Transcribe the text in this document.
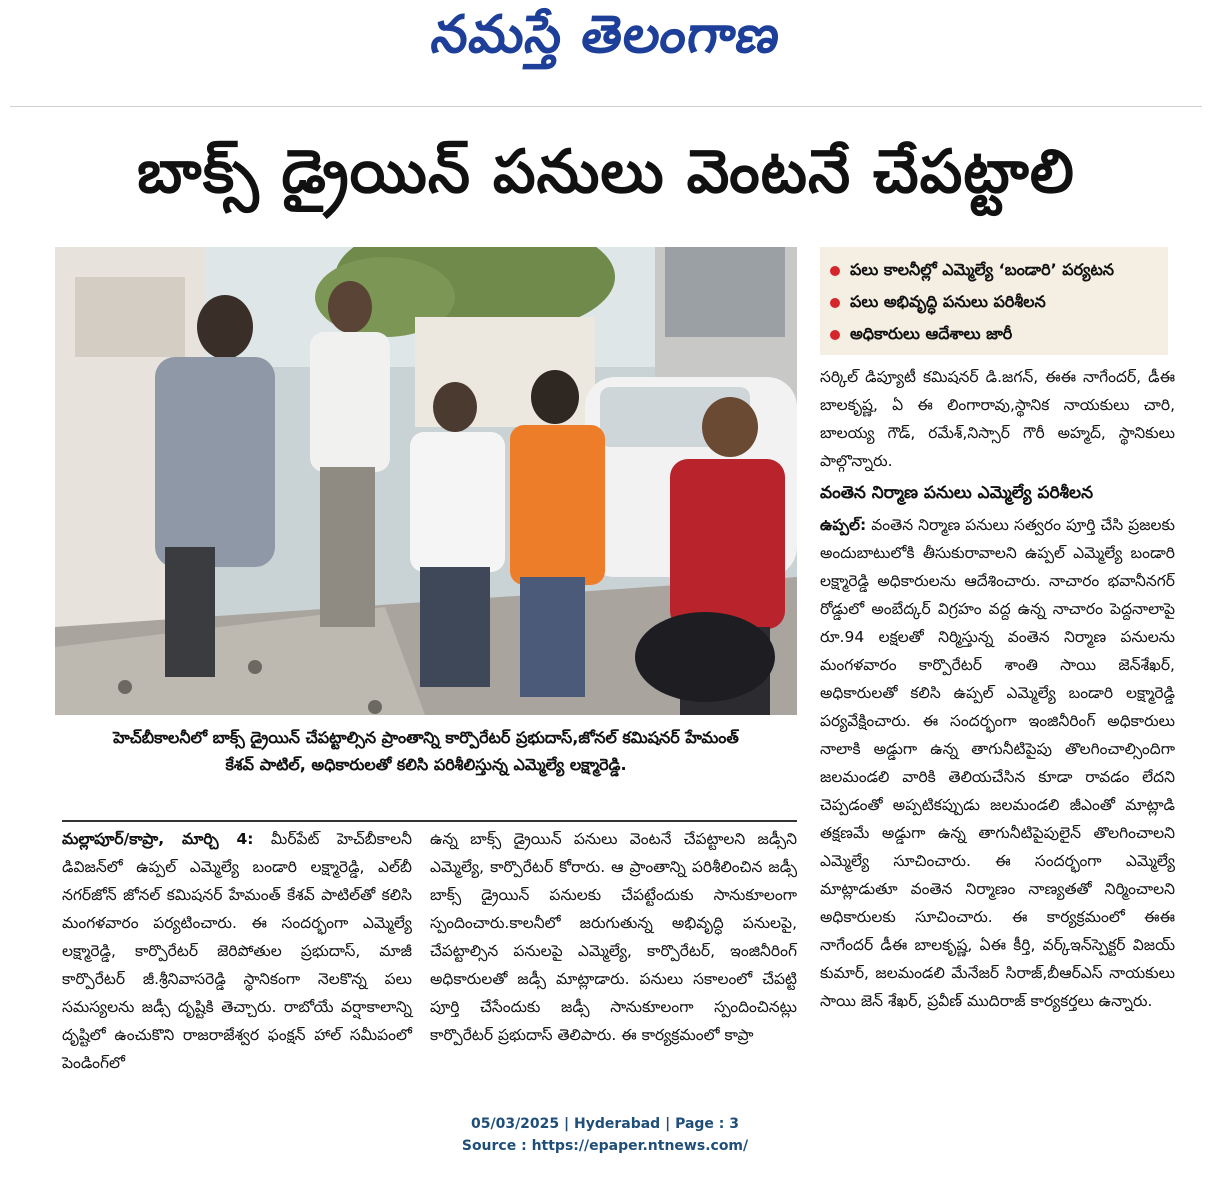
నమస్తే తెలంగాణ
బాక్స్ డ్రైయిన్ పనులు వెంటనే చేపట్టాలి
హెచ్‌బీకాలనీలో బాక్స్ డ్రైయిన్ చేపట్టాల్సిన ప్రాంతాన్ని కార్పొరేటర్ ప్రభుదాస్,జోనల్ కమిషనర్ హేమంత్
కేశవ్ పాటిల్, అధికారులతో కలిసి పరిశీలిస్తున్న ఎమ్మెల్యే లక్ష్మారెడ్డి.

మల్లాపూర్/కాప్రా, మార్చి 4: మీర్‌పేట్ హెచ్‌బీకాలనీ డివిజన్‌లో ఉప్పల్ ఎమ్మెల్యే బండారి లక్ష్మారెడ్డి, ఎల్‌బీ నగర్‌జోన్ జోనల్ కమిషనర్ హేమంత్ కేశవ్ పాటిల్‌తో కలిసి మంగళవారం పర్యటించారు. ఈ సందర్భంగా ఎమ్మెల్యే లక్ష్మారెడ్డి, కార్పొరేటర్ జెరిపోతుల ప్రభుదాస్, మాజీ కార్పొరేటర్ జీ.శ్రీనివాసరెడ్డి స్థానికంగా నెలకొన్న పలు సమస్యలను జడ్సీ దృష్టికి తెచ్చారు. రాబోయే వర్షాకాలాన్ని దృష్టిలో ఉంచుకొని రాజరాజేశ్వర ఫంక్షన్ హాల్ సమీపంలో పెండింగ్‌లో

ఉన్న బాక్స్ డ్రైయిన్ పనులు వెంటనే చేపట్టాలని జడ్సీని ఎమ్మెల్యే, కార్పొరేటర్ కోరారు. ఆ ప్రాంతాన్ని పరిశీలించిన జడ్సీ బాక్స్ డ్రైయిన్ పనులకు చేపట్టేందుకు సానుకూలంగా స్పందించారు.కాలనీలో జరుగుతున్న అభివృద్ధి పనులపై, చేపట్టాల్సిన పనులపై ఎమ్మెల్యే, కార్పొరేటర్, ఇంజినీరింగ్ అధికారులతో జడ్సీ మాట్లాడారు. పనులు సకాలంలో చేపట్టి పూర్తి చేసేందుకు జడ్సీ సానుకూలంగా స్పందించినట్లు కార్పొరేటర్ ప్రభుదాస్ తెలిపారు. ఈ కార్యక్రమంలో కాప్రా

పలు కాలనీల్లో ఎమ్మెల్యే ‘బండారి’ పర్యటన
పలు అభివృద్ధి పనులు పరిశీలన
అధికారులు ఆదేశాలు జారీ

సర్కిల్ డిప్యూటీ కమిషనర్ డి.జగన్, ఈఈ నాగేందర్, డీఈ బాలకృష్ణ, ఏ ఈ లింగారావు,స్థానిక నాయకులు చారి, బాలయ్య గౌడ్, రమేశ్,నిస్సార్ గౌరీ అహ్మద్, స్థానికులు పాల్గొన్నారు.

వంతెన నిర్మాణ పనులు ఎమ్మెల్యే పరిశీలన

ఉప్పల్: వంతెన నిర్మాణ పనులు సత్వరం పూర్తి చేసి ప్రజలకు అందుబాటులోకి తీసుకురావాలని ఉప్పల్ ఎమ్మెల్యే బండారి లక్ష్మారెడ్డి అధికారులను ఆదేశించారు. నాచారం భవానీనగర్ రోడ్డులో అంబేద్కర్ విగ్రహం వద్ద ఉన్న నాచారం పెద్దనాలాపై రూ.94 లక్షలతో నిర్మిస్తున్న వంతెన నిర్మాణ పనులను మంగళవారం కార్పొరేటర్ శాంతి సాయి జెన్‌శేఖర్, అధికారులతో కలిసి ఉప్పల్ ఎమ్మెల్యే బండారి లక్ష్మారెడ్డి పర్యవేక్షించారు. ఈ సందర్భంగా ఇంజినీరింగ్ అధికారులు నాలాకి అడ్డుగా ఉన్న తాగునీటిపైపు తొలగించాల్సిందిగా జలమండలి వారికి తెలియచేసిన కూడా రావడం లేదని చెప్పడంతో అప్పటికప్పుడు జలమండలి జీఎంతో మాట్లాడి తక్షణమే అడ్డుగా ఉన్న తాగునీటిపైపులైన్ తొలగించాలని ఎమ్మెల్యే సూచించారు. ఈ సందర్భంగా ఎమ్మెల్యే మాట్లాడుతూ వంతెన నిర్మాణం నాణ్యతతో నిర్మించాలని అధికారులకు సూచించారు. ఈ కార్యక్రమంలో ఈఈ నాగేందర్ డీఈ బాలకృష్ణ, ఏఈ కీర్తి, వర్క్ఇన్‌స్పెక్టర్ విజయ్ కుమార్, జలమండలి మేనేజర్ సిరాజ్,బీఆర్‌ఎస్ నాయకులు సాయి జెన్ శేఖర్, ప్రవీణ్ ముదిరాజ్ కార్యకర్తలు ఉన్నారు.

05/03/2025 | Hyderabad | Page : 3
Source : https://epaper.ntnews.com/
